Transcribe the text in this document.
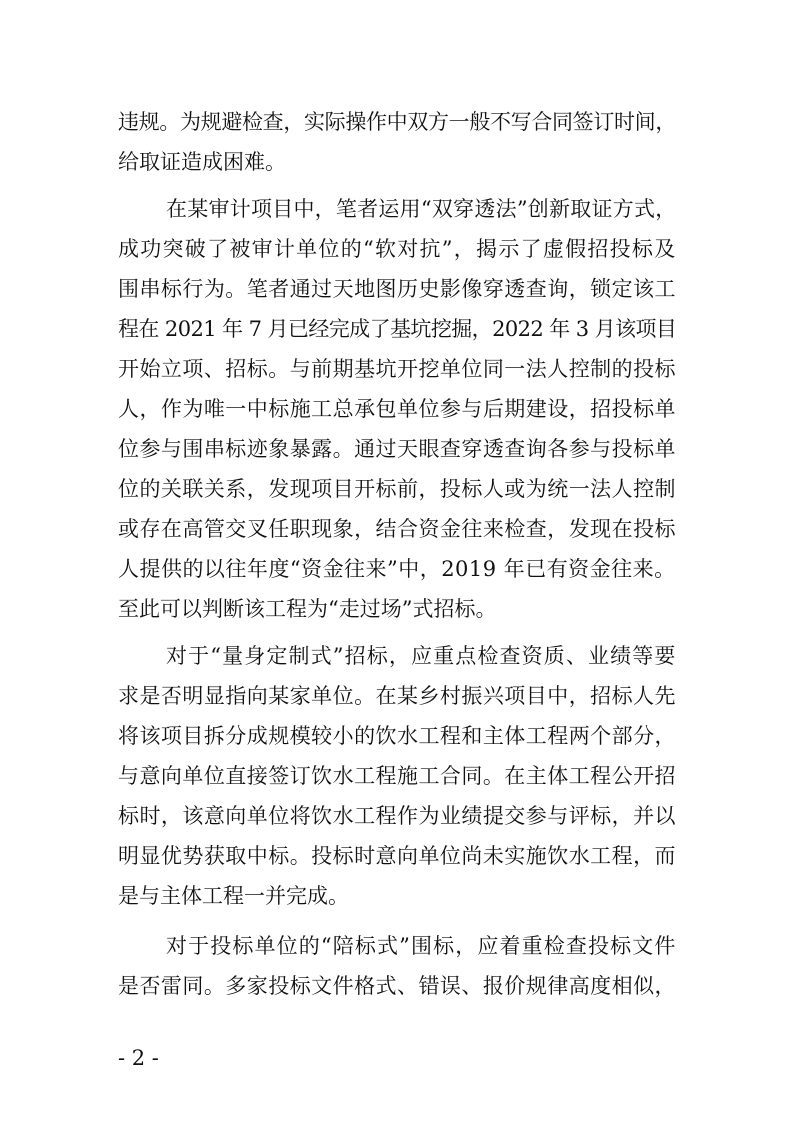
违规。为规避检查，实际操作中双方一般不写合同签订时间，
给取证造成困难。
在某审计项目中，笔者运用“双穿透法”创新取证方式，
成功突破了被审计单位的“软对抗”，揭示了虚假招投标及
围串标行为。笔者通过天地图历史影像穿透查询，锁定该工
程在 2021 年 7 月已经完成了基坑挖掘，2022 年 3 月该项目
开始立项、招标。与前期基坑开挖单位同一法人控制的投标
人，作为唯一中标施工总承包单位参与后期建设，招投标单
位参与围串标迹象暴露。通过天眼查穿透查询各参与投标单
位的关联关系，发现项目开标前，投标人或为统一法人控制
或存在高管交叉任职现象，结合资金往来检查，发现在投标
人提供的以往年度“资金往来”中，2019 年已有资金往来。
至此可以判断该工程为“走过场”式招标。
对于“量身定制式”招标，应重点检查资质、业绩等要
求是否明显指向某家单位。在某乡村振兴项目中，招标人先
将该项目拆分成规模较小的饮水工程和主体工程两个部分，
与意向单位直接签订饮水工程施工合同。在主体工程公开招
标时，该意向单位将饮水工程作为业绩提交参与评标，并以
明显优势获取中标。投标时意向单位尚未实施饮水工程，而
是与主体工程一并完成。
对于投标单位的“陪标式”围标，应着重检查投标文件
是否雷同。多家投标文件格式、错误、报价规律高度相似，
- 2 -
